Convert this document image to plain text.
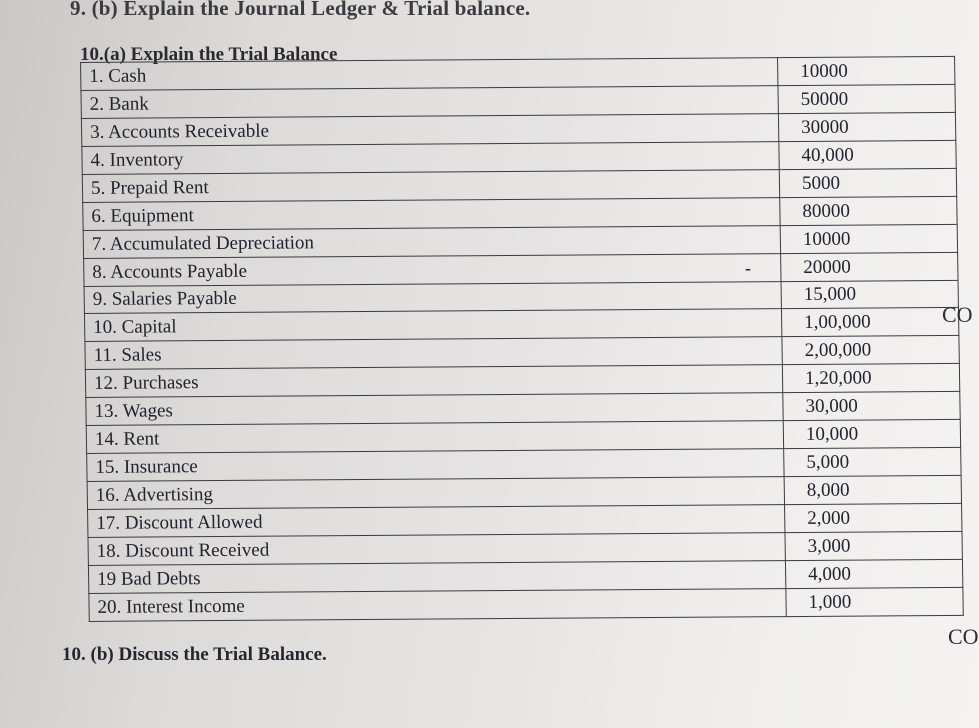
9. (b) Explain the Journal Ledger & Trial balance.
10.(a) Explain the Trial Balance
1. Cash	10000
2. Bank	50000
3. Accounts Receivable	30000
4. Inventory	40,000
5. Prepaid Rent	5000
6. Equipment	80000
7. Accumulated Depreciation	10000
8. Accounts Payable	20000
9. Salaries Payable	15,000
10. Capital	1,00,000
11. Sales	2,00,000
12. Purchases	1,20,000
13. Wages	30,000
14. Rent	10,000
15. Insurance	5,000
16. Advertising	8,000
17. Discount Allowed	2,000
18. Discount Received	3,000
19 Bad Debts	4,000
20. Interest Income	1,000
-
CO
CO
10. (b) Discuss the Trial Balance.
